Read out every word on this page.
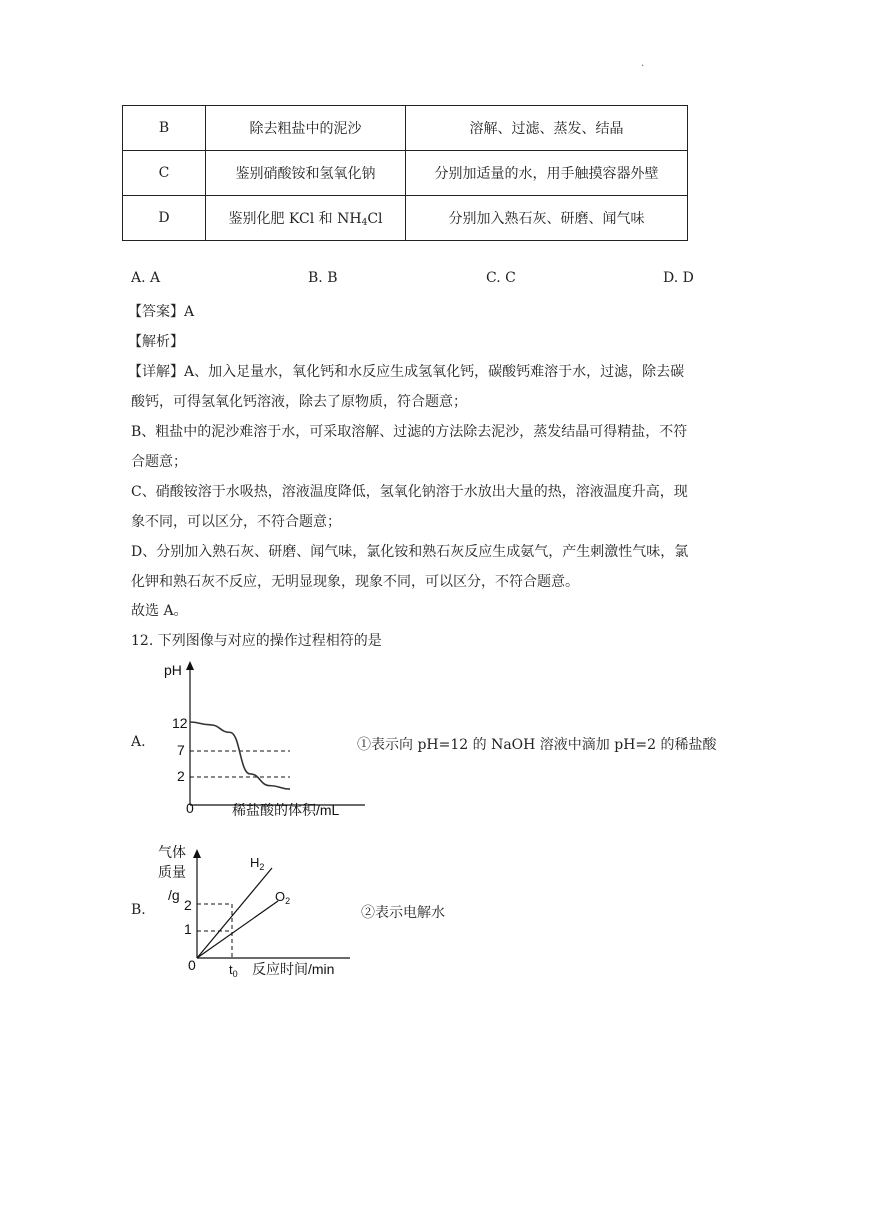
.
B	除去粗盐中的泥沙	溶解、过滤、蒸发、结晶
C	鉴别硝酸铵和氢氧化钠	分别加适量的水，用手触摸容器外壁
D	鉴别化肥 KCl 和 $NH_4Cl$	分别加入熟石灰、研磨、闻气味
A. A	B. B	C. C	D. D
【答案】A
【解析】
【详解】A、加入足量水，氧化钙和水反应生成氢氧化钙，碳酸钙难溶于水，过滤，除去碳
酸钙，可得氢氧化钙溶液，除去了原物质，符合题意；
B、粗盐中的泥沙难溶于水，可采取溶解、过滤的方法除去泥沙，蒸发结晶可得精盐，不符
合题意；
C、硝酸铵溶于水吸热，溶液温度降低，氢氧化钠溶于水放出大量的热，溶液温度升高，现
象不同，可以区分，不符合题意；
D、分别加入熟石灰、研磨、闻气味，氯化铵和熟石灰反应生成氨气，产生刺激性气味，氯
化钾和熟石灰不反应，无明显现象，现象不同，可以区分，不符合题意。
故选 A。
12. 下列图像与对应的操作过程相符的是
A.
pH
12
7
2
0	稀盐酸的体积/mL
①表示向 pH=12 的 NaOH 溶液中滴加 pH=2 的稀盐酸
B.
气体
质量
/g
2
1
0	$t_0$ 反应时间/min
$H_2$
$O_2$
②表示电解水
